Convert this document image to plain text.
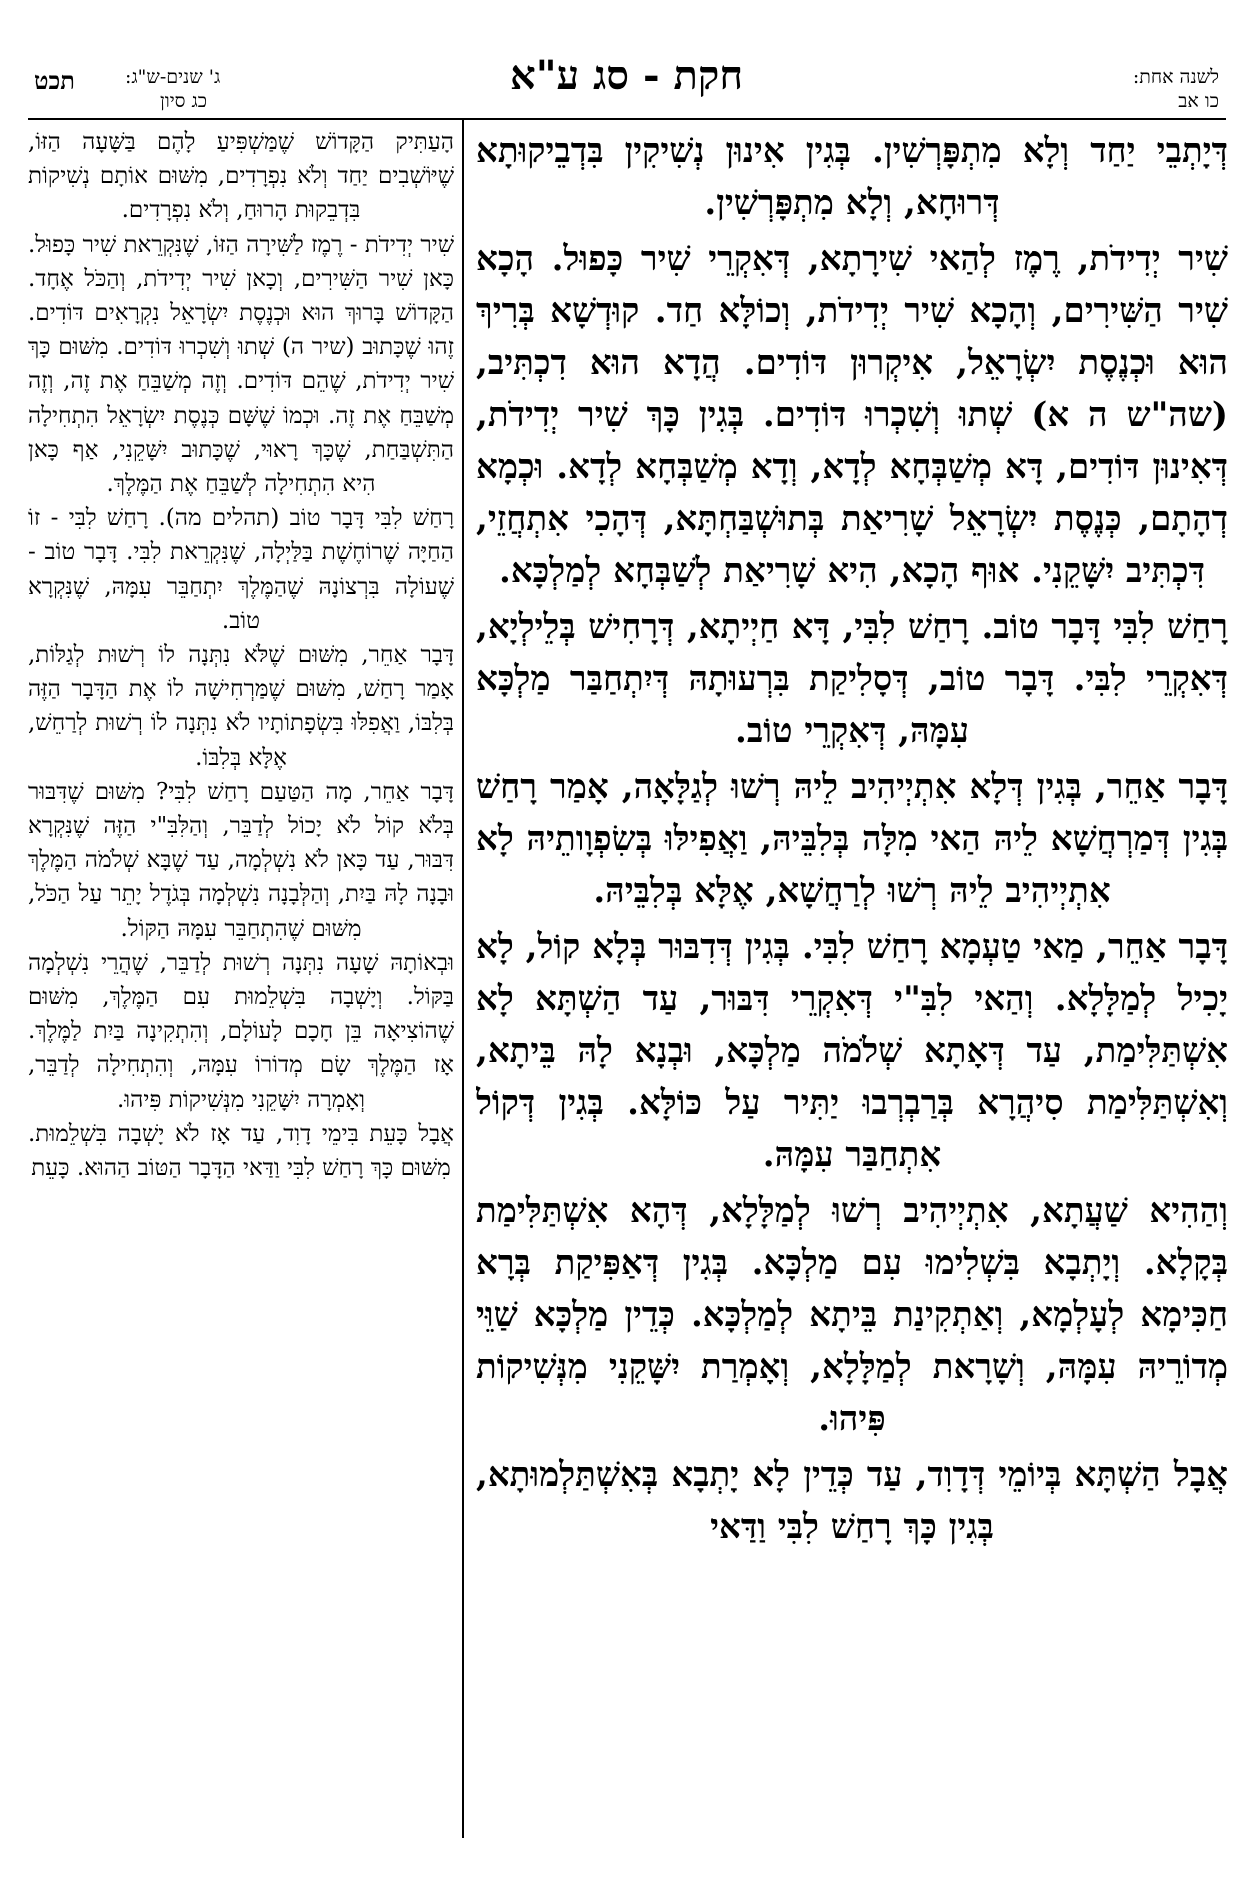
לשנה אחת:
כו אב
חקת - סג ע"א
ג' שנים-ש"ג:
כג סיון
תכט

דְּיָתְבֵי יַחַד וְלָא מִתְפָּרְשִׁין. בְּגִין אִינוּן נְשִׁיקִין בִּדְבֵיקוּתָא דְּרוּחָא, וְלָא מִתְפָּרְשִׁין.

שִׁיר יְדִידֹת, רֶמֶז לְהַאי שִׁירָתָא, דְּאִקְרֵי שִׁיר כָּפוּל. הָכָא שִׁיר הַשִּׁירִים, וְהָכָא שִׁיר יְדִידֹת, וְכוֹלָּא חַד. קוּדְשָׁא בְּרִיךְ הוּא וּכְנֶסֶת יִשְׂרָאֵל, אִיקְרוּן דּוֹדִים. הֲדָא הוּא דִכְתִּיב, (שה"ש ה א) שְׁתוּ וְשִׁכְרוּ דּוֹדִים. בְּגִין כָּךְ שִׁיר יְדִידֹת, דְּאִינוּן דּוֹדִים, דָּא מְשַׁבְּחָא לְדָא, וְדָא מְשַׁבְּחָא לְדָא. וּכְמָא דְהָתָם, כְּנֶסֶת יִשְׂרָאֵל שָׁרִיאַת בְּתוּשְׁבַּחְתָּא, דְּהָכִי אִתְחֲזֵי, דִּכְתִּיב יִשָּׁקֵנִי. אוּף הָכָא, הִיא שָׁרִיאַת לְשַׁבְּחָא לְמַלְכָּא.

רָחַשׁ לִבִּי דָּבָר טוֹב. רָחַשׁ לִבִּי, דָּא חַיְיתָא, דְּרָחִישׁ בְּלֵילְיָא, דְּאִקְרֵי לִבִּי. דָּבָר טוֹב, דְּסָלִיקַת בִּרְעוּתָהּ דְּיִתְחַבַּר מַלְכָּא עִמָּהּ, דְּאִקְרֵי טוֹב.

דָּבָר אַחֵר, בְּגִין דְּלָא אִתְיְיהִיב לֵיהּ רְשׁוּ לְגַלָּאָה, אָמַר רָחַשׁ בְּגִין דְּמַרְחֲשָׁא לֵיהּ הַאי מִלָּה בְּלִבֵּיהּ, וַאֲפִילּוּ בְּשִׂפְוָותֵיהּ לָא אִתְיְיהִיב לֵיהּ רְשׁוּ לְרַחֲשָׁא, אֶלָּא בְּלִבֵּיהּ.

דָּבָר אַחֵר, מַאי טַעְמָא רָחַשׁ לִבִּי. בְּגִין דְּדִבּוּר בְּלָא קוֹל, לָא יָכִיל לְמַלָּלָא. וְהַאי לִבִּ"י דְּאִקְרֵי דִּבּוּר, עַד הַשְׁתָּא לָא אִשְׁתַּלִּימַת, עַד דְּאָתָא שְׁלֹמֹה מַלְכָּא, וּבְנָא לָהּ בֵּיתָא, וְאִשְׁתַּלִּימַת סִיהֲרָא בְּרַבְרְבוּ יַתִּיר עַל כּוֹלָּא. בְּגִין דְּקוֹל אִתְחַבַּר עִמָּהּ.

וְהַהִיא שַׁעֲתָא, אִתְיְיהִיב רְשׁוּ לְמַלָּלָא, דְּהָא אִשְׁתַּלִּימַת בְּקָלָא. וְיָתְבָא בִּשְׁלִימוּ עִם מַלְכָּא. בְּגִין דְּאַפִּיקַת בְּרָא חַכִּימָא לְעָלְמָא, וְאַתְקִינַת בֵּיתָא לְמַלְכָּא. כְּדֵין מַלְכָּא שַׁוֵּי מְדוֹרֵיהּ עִמָּהּ, וְשָׁרָאת לְמַלָּלָא, וְאָמְרַת יִשָּׁקֵנִי מִנְּשִׁיקוֹת פִּיהוּ.

אֲבָל הַשְׁתָּא בְּיוֹמֵי דְּדָוִד, עַד כְּדֵין לָא יָתְבָא בְּאִשְׁתַּלְמוּתָא, בְּגִין כָּךְ רָחַשׁ לִבִּי וַדַּאי

הָעַתִּיק הַקָּדוֹשׁ שֶׁמַּשְׁפִּיעַ לָהֶם בַּשָּׁעָה הַזּוֹ, שֶׁיּוֹשְׁבִים יַחַד וְלֹא נִפְרָדִים, מִשּׁוּם אוֹתָם נְשִׁיקוֹת בִּדְבֵקוּת הָרוּחַ, וְלֹא נִפְרָדִים.

שִׁיר יְדִידֹת - רֶמֶז לַשִּׁירָה הַזּוֹ, שֶׁנִּקְרֵאת שִׁיר כָּפוּל. כָּאן שִׁיר הַשִּׁירִים, וְכָאן שִׁיר יְדִידֹת, וְהַכֹּל אֶחָד. הַקָּדוֹשׁ בָּרוּךְ הוּא וּכְנֶסֶת יִשְׂרָאֵל נִקְרָאִים דּוֹדִים. זֶהוּ שֶׁכָּתוּב (שיר ה) שְׁתוּ וְשִׁכְרוּ דּוֹדִים. מִשּׁוּם כָּךְ שִׁיר יְדִידֹת, שֶׁהֵם דּוֹדִים. וְזֶה מְשַׁבֵּחַ אֶת זֶה, וְזֶה מְשַׁבֵּחַ אֶת זֶה. וּכְמוֹ שֶׁשָּׁם כְּנֶסֶת יִשְׂרָאֵל הִתְחִילָה הַתִּשְׁבַּחַת, שֶׁכָּךְ רָאוּי, שֶׁכָּתוּב יִשָּׁקֵנִי, אַף כָּאן הִיא הִתְחִילָה לְשַׁבֵּחַ אֶת הַמֶּלֶךְ.

רָחַשׁ לִבִּי דָּבָר טוֹב (תהלים מה). רָחַשׁ לִבִּי - זוֹ הַחַיָּה שֶׁרוֹחֶשֶׁת בַּלַּיְלָה, שֶׁנִּקְרֵאת לִבִּי. דָּבָר טוֹב - שֶׁעוֹלָה בִּרְצוֹנָהּ שֶׁהַמֶּלֶךְ יִתְחַבֵּר עִמָּהּ, שֶׁנִּקְרָא טוֹב.

דָּבָר אַחֵר, מִשּׁוּם שֶׁלֹּא נִתְּנָה לוֹ רְשׁוּת לְגַלּוֹת, אָמַר רָחַשׁ, מִשּׁוּם שֶׁמַּרְחִישָׁה לוֹ אֶת הַדָּבָר הַזֶּה בְּלִבּוֹ, וַאֲפִלּוּ בִּשְׂפָתוֹתָיו לֹא נִתְּנָה לוֹ רְשׁוּת לְרַחֵשׁ, אֶלָּא בְּלִבּוֹ.

דָּבָר אַחֵר, מָה הַטַּעַם רָחַשׁ לִבִּי? מִשּׁוּם שֶׁדִּבּוּר בְּלֹא קוֹל לֹא יָכוֹל לְדַבֵּר, וְהַלִּבִּ"י הַזֶּה שֶׁנִּקְרָא דִּבּוּר, עַד כָּאן לֹא נִשְׁלְמָה, עַד שֶׁבָּא שְׁלֹמֹה הַמֶּלֶךְ וּבָנָה לָהּ בַּיִת, וְהַלְּבָנָה נִשְׁלְמָה בְּגֹדֶל יָתֵר עַל הַכֹּל, מִשּׁוּם שֶׁהִתְחַבֵּר עִמָּהּ הַקּוֹל.

וּבְאוֹתָהּ שָׁעָה נִתְּנָה רְשׁוּת לְדַבֵּר, שֶׁהֲרֵי נִשְׁלְמָה בַּקּוֹל. וְיָשְׁבָה בִּשְׁלֵמוּת עִם הַמֶּלֶךְ, מִשּׁוּם שֶׁהוֹצִיאָה בֵּן חָכָם לָעוֹלָם, וְהִתְקִינָה בַּיִת לַמֶּלֶךְ. אָז הַמֶּלֶךְ שָׂם מְדוֹרוֹ עִמָּהּ, וְהִתְחִילָה לְדַבֵּר, וְאָמְרָה יִשָּׁקֵנִי מִנְּשִׁיקוֹת פִּיהוּ.

אֲבָל כָּעֵת בִּימֵי דָוִד, עַד אָז לֹא יָשְׁבָה בִּשְׁלֵמוּת. מִשּׁוּם כָּךְ רָחַשׁ לִבִּי וַדַּאי הַדָּבָר הַטּוֹב הַהוּא. כָּעֵת
